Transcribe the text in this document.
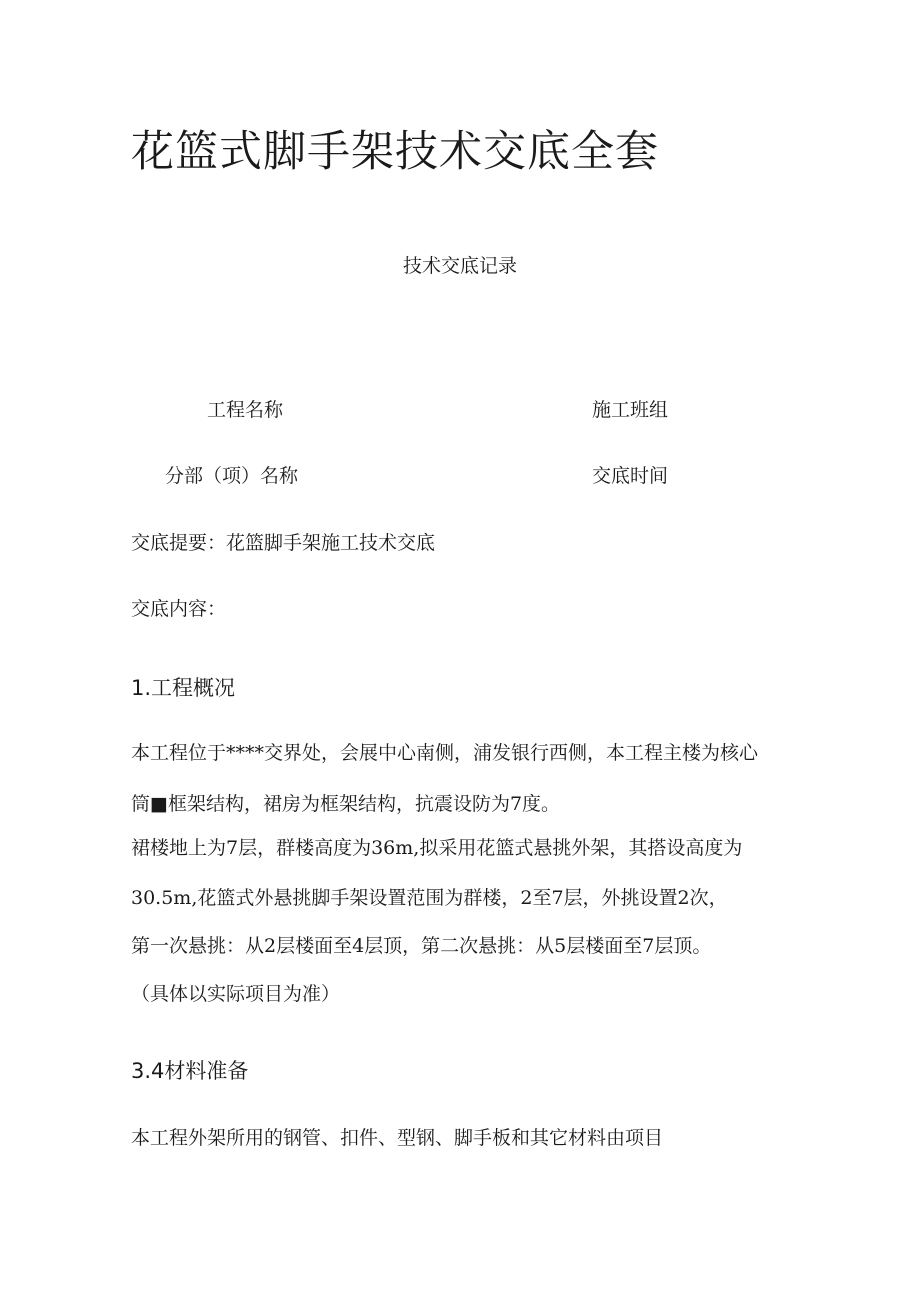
花篮式脚手架技术交底全套
技术交底记录
工程名称	施工班组
分部（项）名称	交底时间
交底提要：花篮脚手架施工技术交底
交底内容：
1.工程概况
本工程位于****交界处，会展中心南侧，浦发银行西侧，本工程主楼为核心
筒■框架结构，裙房为框架结构，抗震设防为7度。
裙楼地上为7层，群楼高度为36m,拟采用花篮式悬挑外架，其搭设高度为
30.5m,花篮式外悬挑脚手架设置范围为群楼，2至7层，外挑设置2次，
第一次悬挑：从2层楼面至4层顶，第二次悬挑：从5层楼面至7层顶。
（具体以实际项目为准）
3.4材料准备
本工程外架所用的钢管、扣件、型钢、脚手板和其它材料由项目
